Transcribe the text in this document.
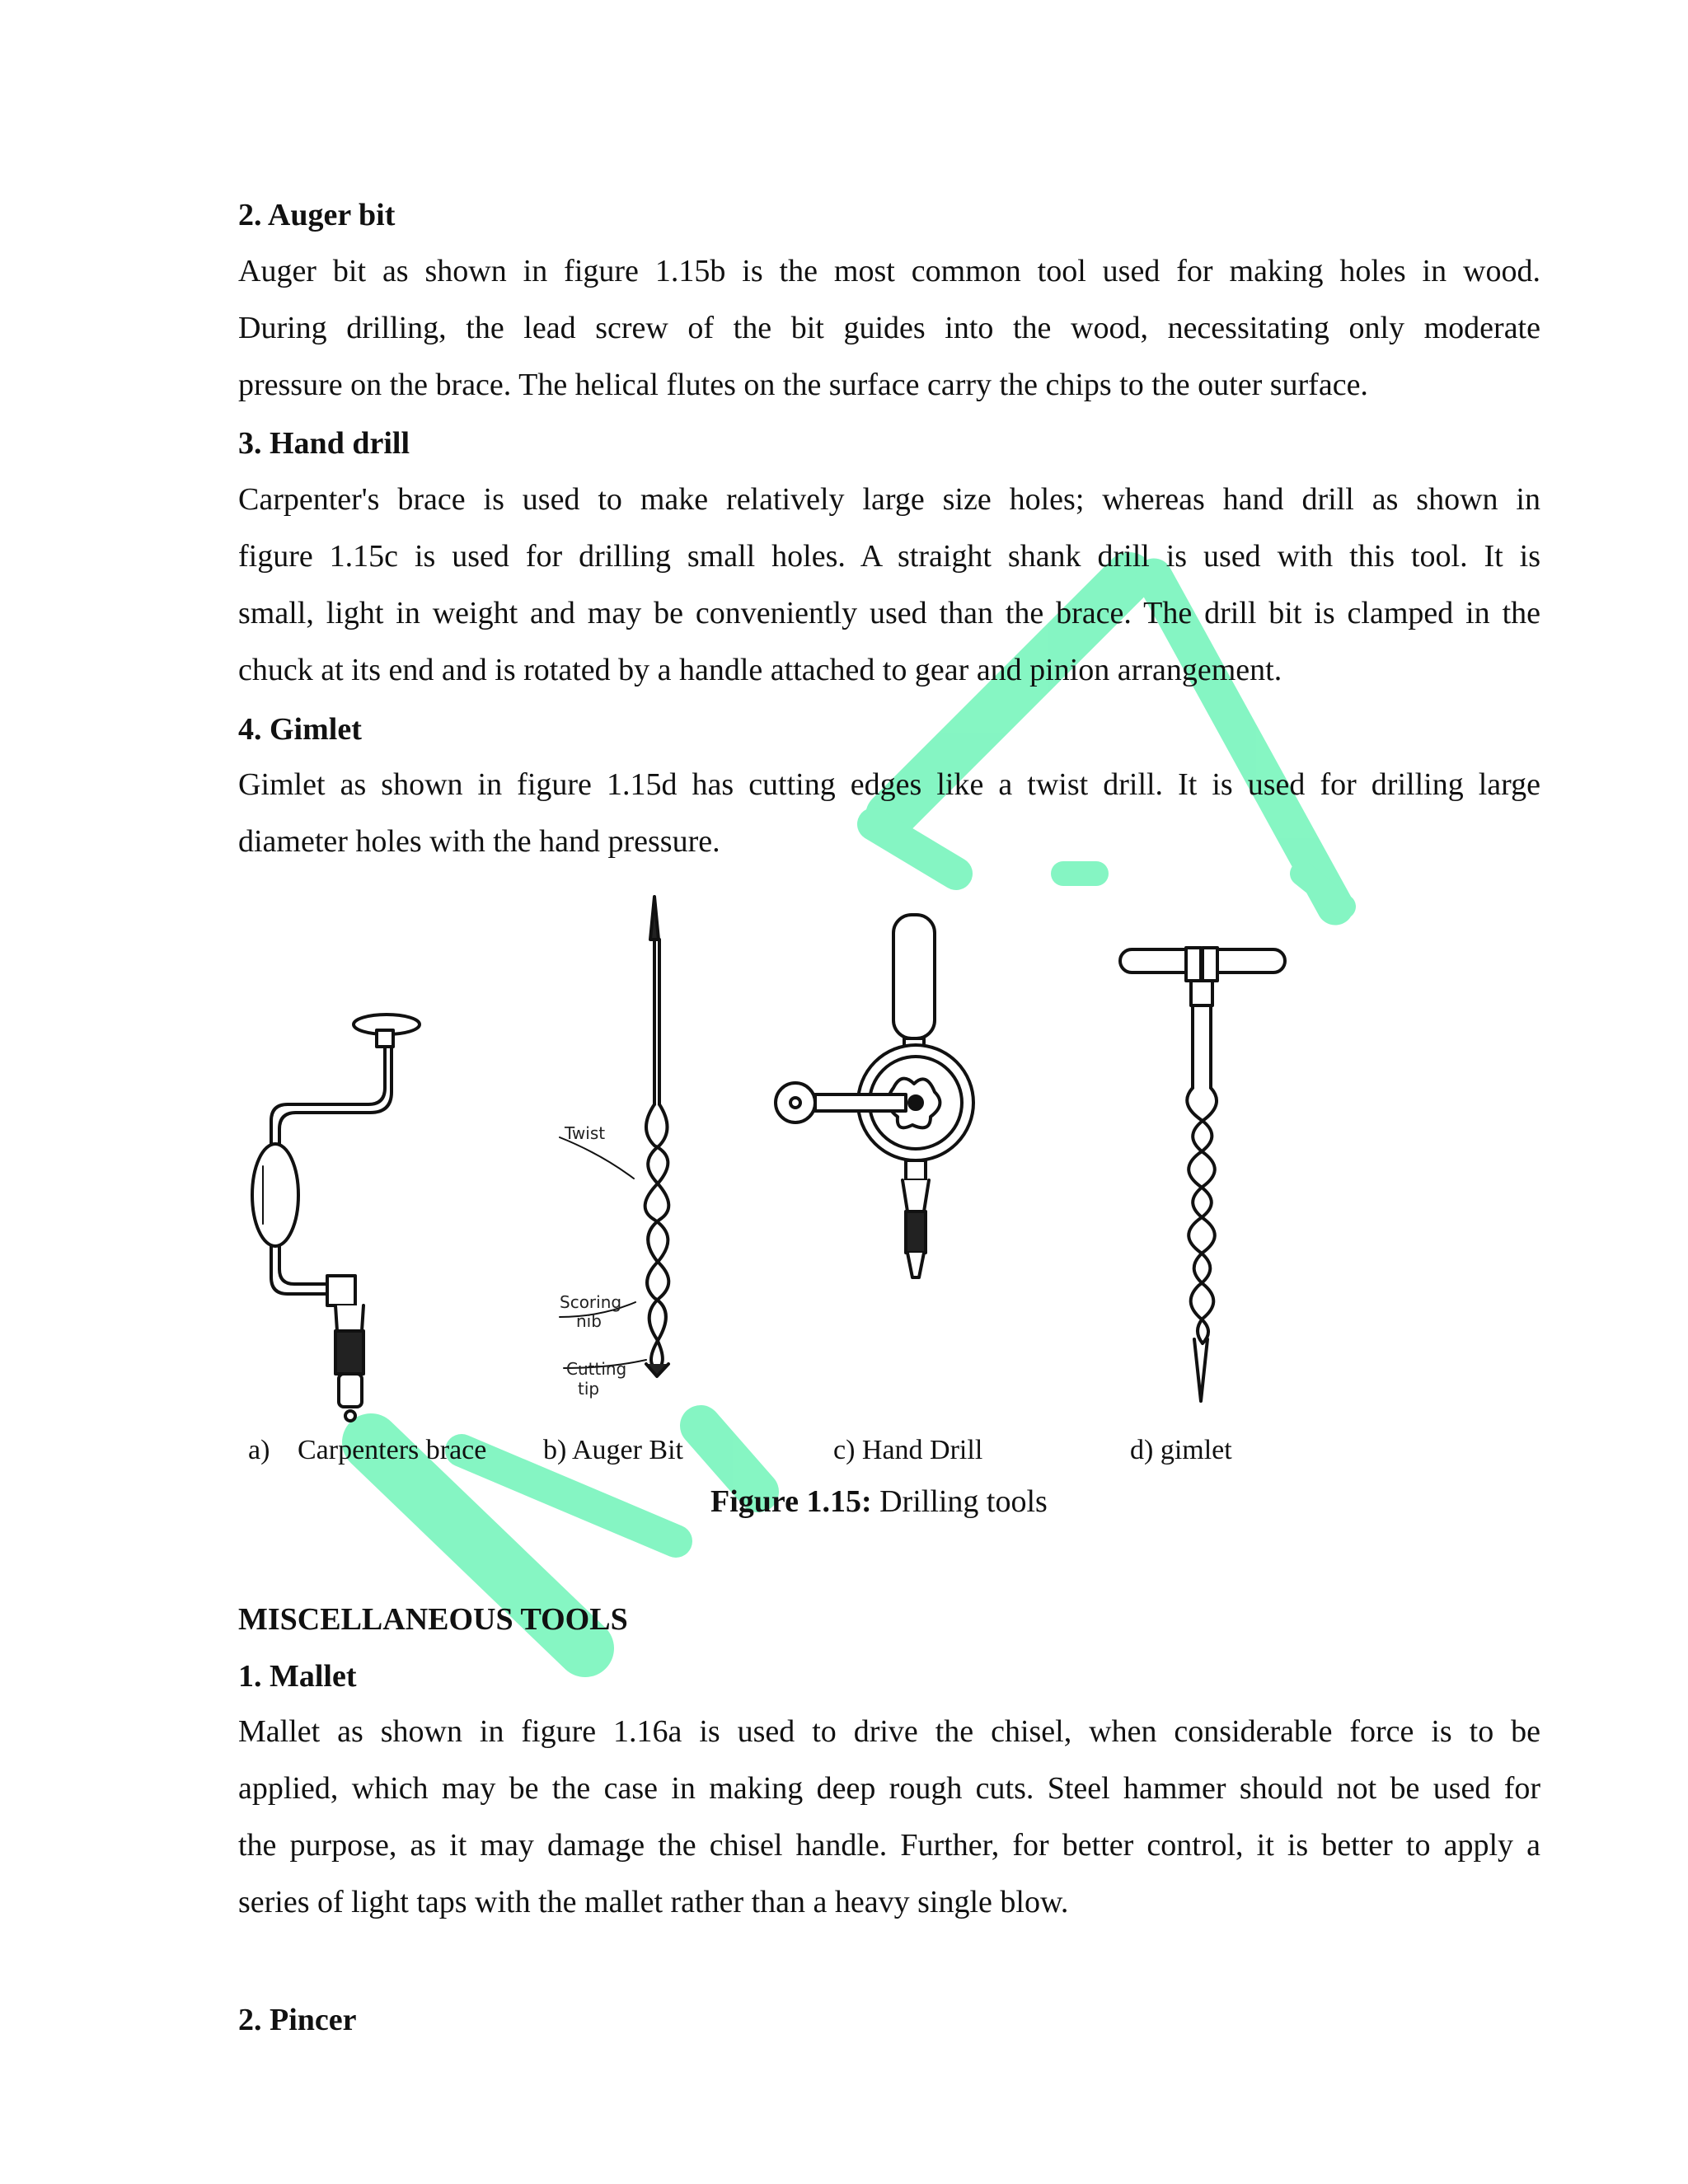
2. Auger bit
Auger bit as shown in figure 1.15b is the most common tool used for making holes in wood.
During drilling, the lead screw of the bit guides into the wood, necessitating only moderate
pressure on the brace. The helical flutes on the surface carry the chips to the outer surface.
3. Hand drill
Carpenter's brace is used to make relatively large size holes; whereas hand drill as shown in
figure 1.15c is used for drilling small holes. A straight shank drill is used with this tool. It is
small, light in weight and may be conveniently used than the brace. The drill bit is clamped in the
chuck at its end and is rotated by a handle attached to gear and pinion arrangement.
4. Gimlet
Gimlet as shown in figure 1.15d has cutting edges like a twist drill. It is used for drilling large
diameter holes with the hand pressure.
MISCELLANEOUS TOOLS
1. Mallet
Mallet as shown in figure 1.16a is used to drive the chisel, when considerable force is to be
applied, which may be the case in making deep rough cuts. Steel hammer should not be used for
the purpose, as it may damage the chisel handle. Further, for better control, it is better to apply a
series of light taps with the mallet rather than a heavy single blow.
2. Pincer
Twist
Scoring
nib
Cutting
tip
a) Carpenters brace b) Auger Bit	c) Hand Drill	d) gimlet
Figure 1.15: Drilling tools
